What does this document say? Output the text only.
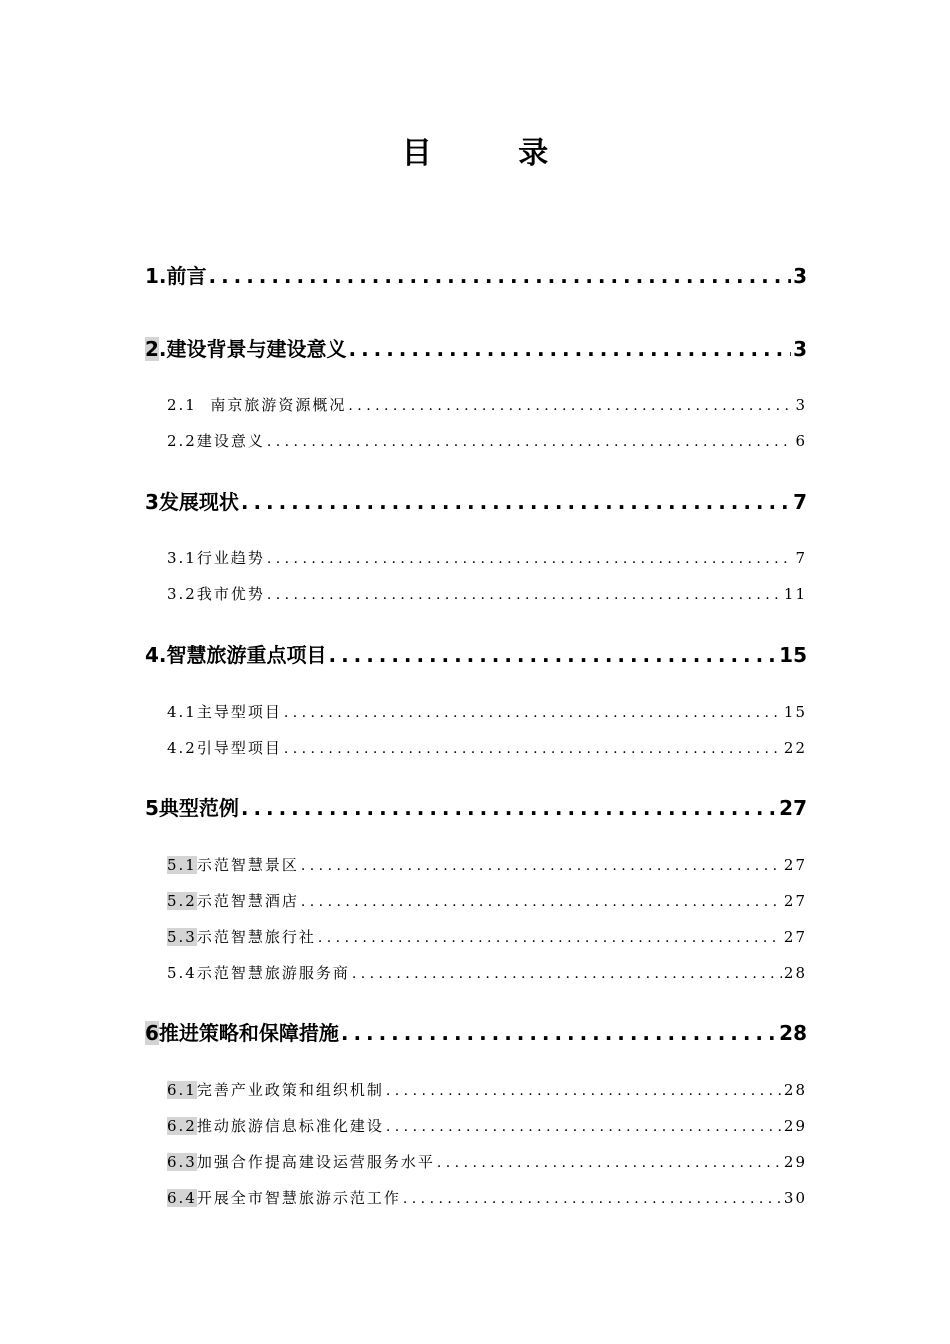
目 录
1.前言 . . .	3
2.建设背景与建设意义 . . .	3
2.1  南京旅游资源概况 . . .	3
2.2建设意义 . . .	6
3发展现状 . . .	7
3.1行业趋势 . . .	7
3.2我市优势 . . .	11
4.智慧旅游重点项目 . . .	15
4.1主导型项目 . . .	15
4.2引导型项目 . . .	22
5典型范例 . . .	27
5.1示范智慧景区 . . .	27
5.2示范智慧酒店 . . .	27
5.3示范智慧旅行社 . . .	27
5.4示范智慧旅游服务商 . . .	28
6推进策略和保障措施 . . .	28
6.1完善产业政策和组织机制 . . .	28
6.2推动旅游信息标准化建设 . . .	29
6.3加强合作提高建设运营服务水平 . . .	29
6.4开展全市智慧旅游示范工作 . . .	30
